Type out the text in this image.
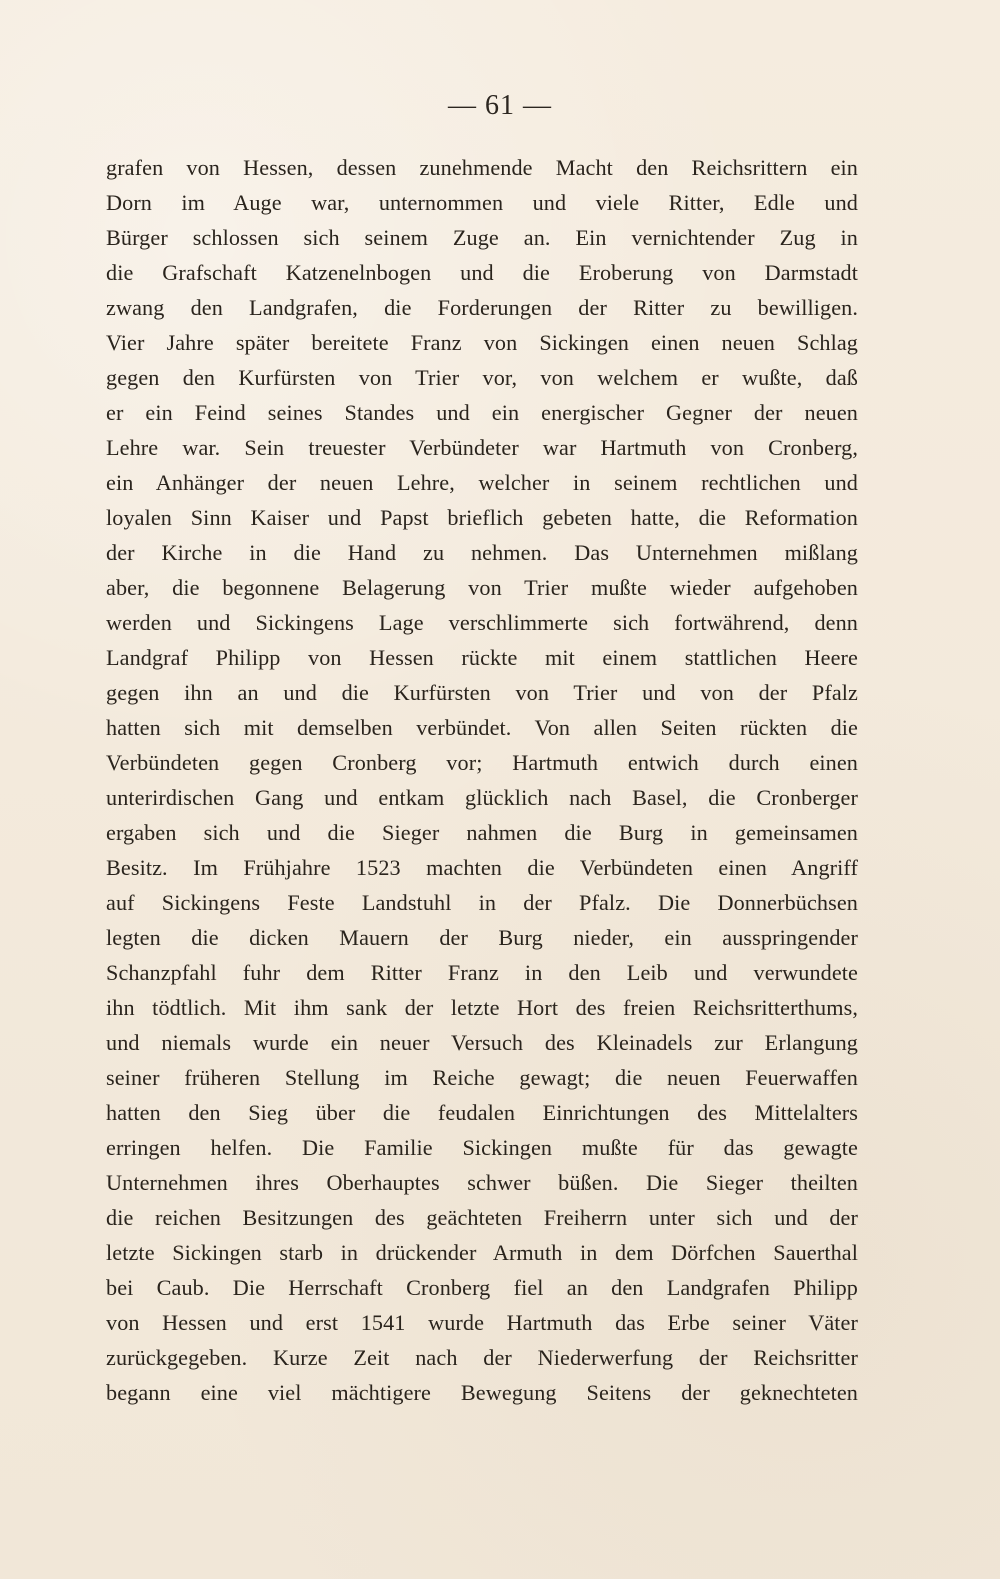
— 61 —
grafen von Hessen, dessen zunehmende Macht den Reichsrittern ein
Dorn im Auge war, unternommen und viele Ritter, Edle und
Bürger schlossen sich seinem Zuge an. Ein vernichtender Zug in
die Grafschaft Katzenelnbogen und die Eroberung von Darmstadt
zwang den Landgrafen, die Forderungen der Ritter zu bewilligen.
Vier Jahre später bereitete Franz von Sickingen einen neuen Schlag
gegen den Kurfürsten von Trier vor, von welchem er wußte, daß
er ein Feind seines Standes und ein energischer Gegner der neuen
Lehre war. Sein treuester Verbündeter war Hartmuth von Cronberg,
ein Anhänger der neuen Lehre, welcher in seinem rechtlichen und
loyalen Sinn Kaiser und Papst brieflich gebeten hatte, die Reformation
der Kirche in die Hand zu nehmen. Das Unternehmen mißlang
aber, die begonnene Belagerung von Trier mußte wieder aufgehoben
werden und Sickingens Lage verschlimmerte sich fortwährend, denn
Landgraf Philipp von Hessen rückte mit einem stattlichen Heere
gegen ihn an und die Kurfürsten von Trier und von der Pfalz
hatten sich mit demselben verbündet. Von allen Seiten rückten die
Verbündeten gegen Cronberg vor; Hartmuth entwich durch einen
unterirdischen Gang und entkam glücklich nach Basel, die Cronberger
ergaben sich und die Sieger nahmen die Burg in gemeinsamen
Besitz. Im Frühjahre 1523 machten die Verbündeten einen Angriff
auf Sickingens Feste Landstuhl in der Pfalz. Die Donnerbüchsen
legten die dicken Mauern der Burg nieder, ein ausspringender
Schanzpfahl fuhr dem Ritter Franz in den Leib und verwundete
ihn tödtlich. Mit ihm sank der letzte Hort des freien Reichsritterthums,
und niemals wurde ein neuer Versuch des Kleinadels zur Erlangung
seiner früheren Stellung im Reiche gewagt; die neuen Feuerwaffen
hatten den Sieg über die feudalen Einrichtungen des Mittelalters
erringen helfen. Die Familie Sickingen mußte für das gewagte
Unternehmen ihres Oberhauptes schwer büßen. Die Sieger theilten
die reichen Besitzungen des geächteten Freiherrn unter sich und der
letzte Sickingen starb in drückender Armuth in dem Dörfchen Sauerthal
bei Caub. Die Herrschaft Cronberg fiel an den Landgrafen Philipp
von Hessen und erst 1541 wurde Hartmuth das Erbe seiner Väter
zurückgegeben. Kurze Zeit nach der Niederwerfung der Reichsritter
begann eine viel mächtigere Bewegung Seitens der geknechteten
